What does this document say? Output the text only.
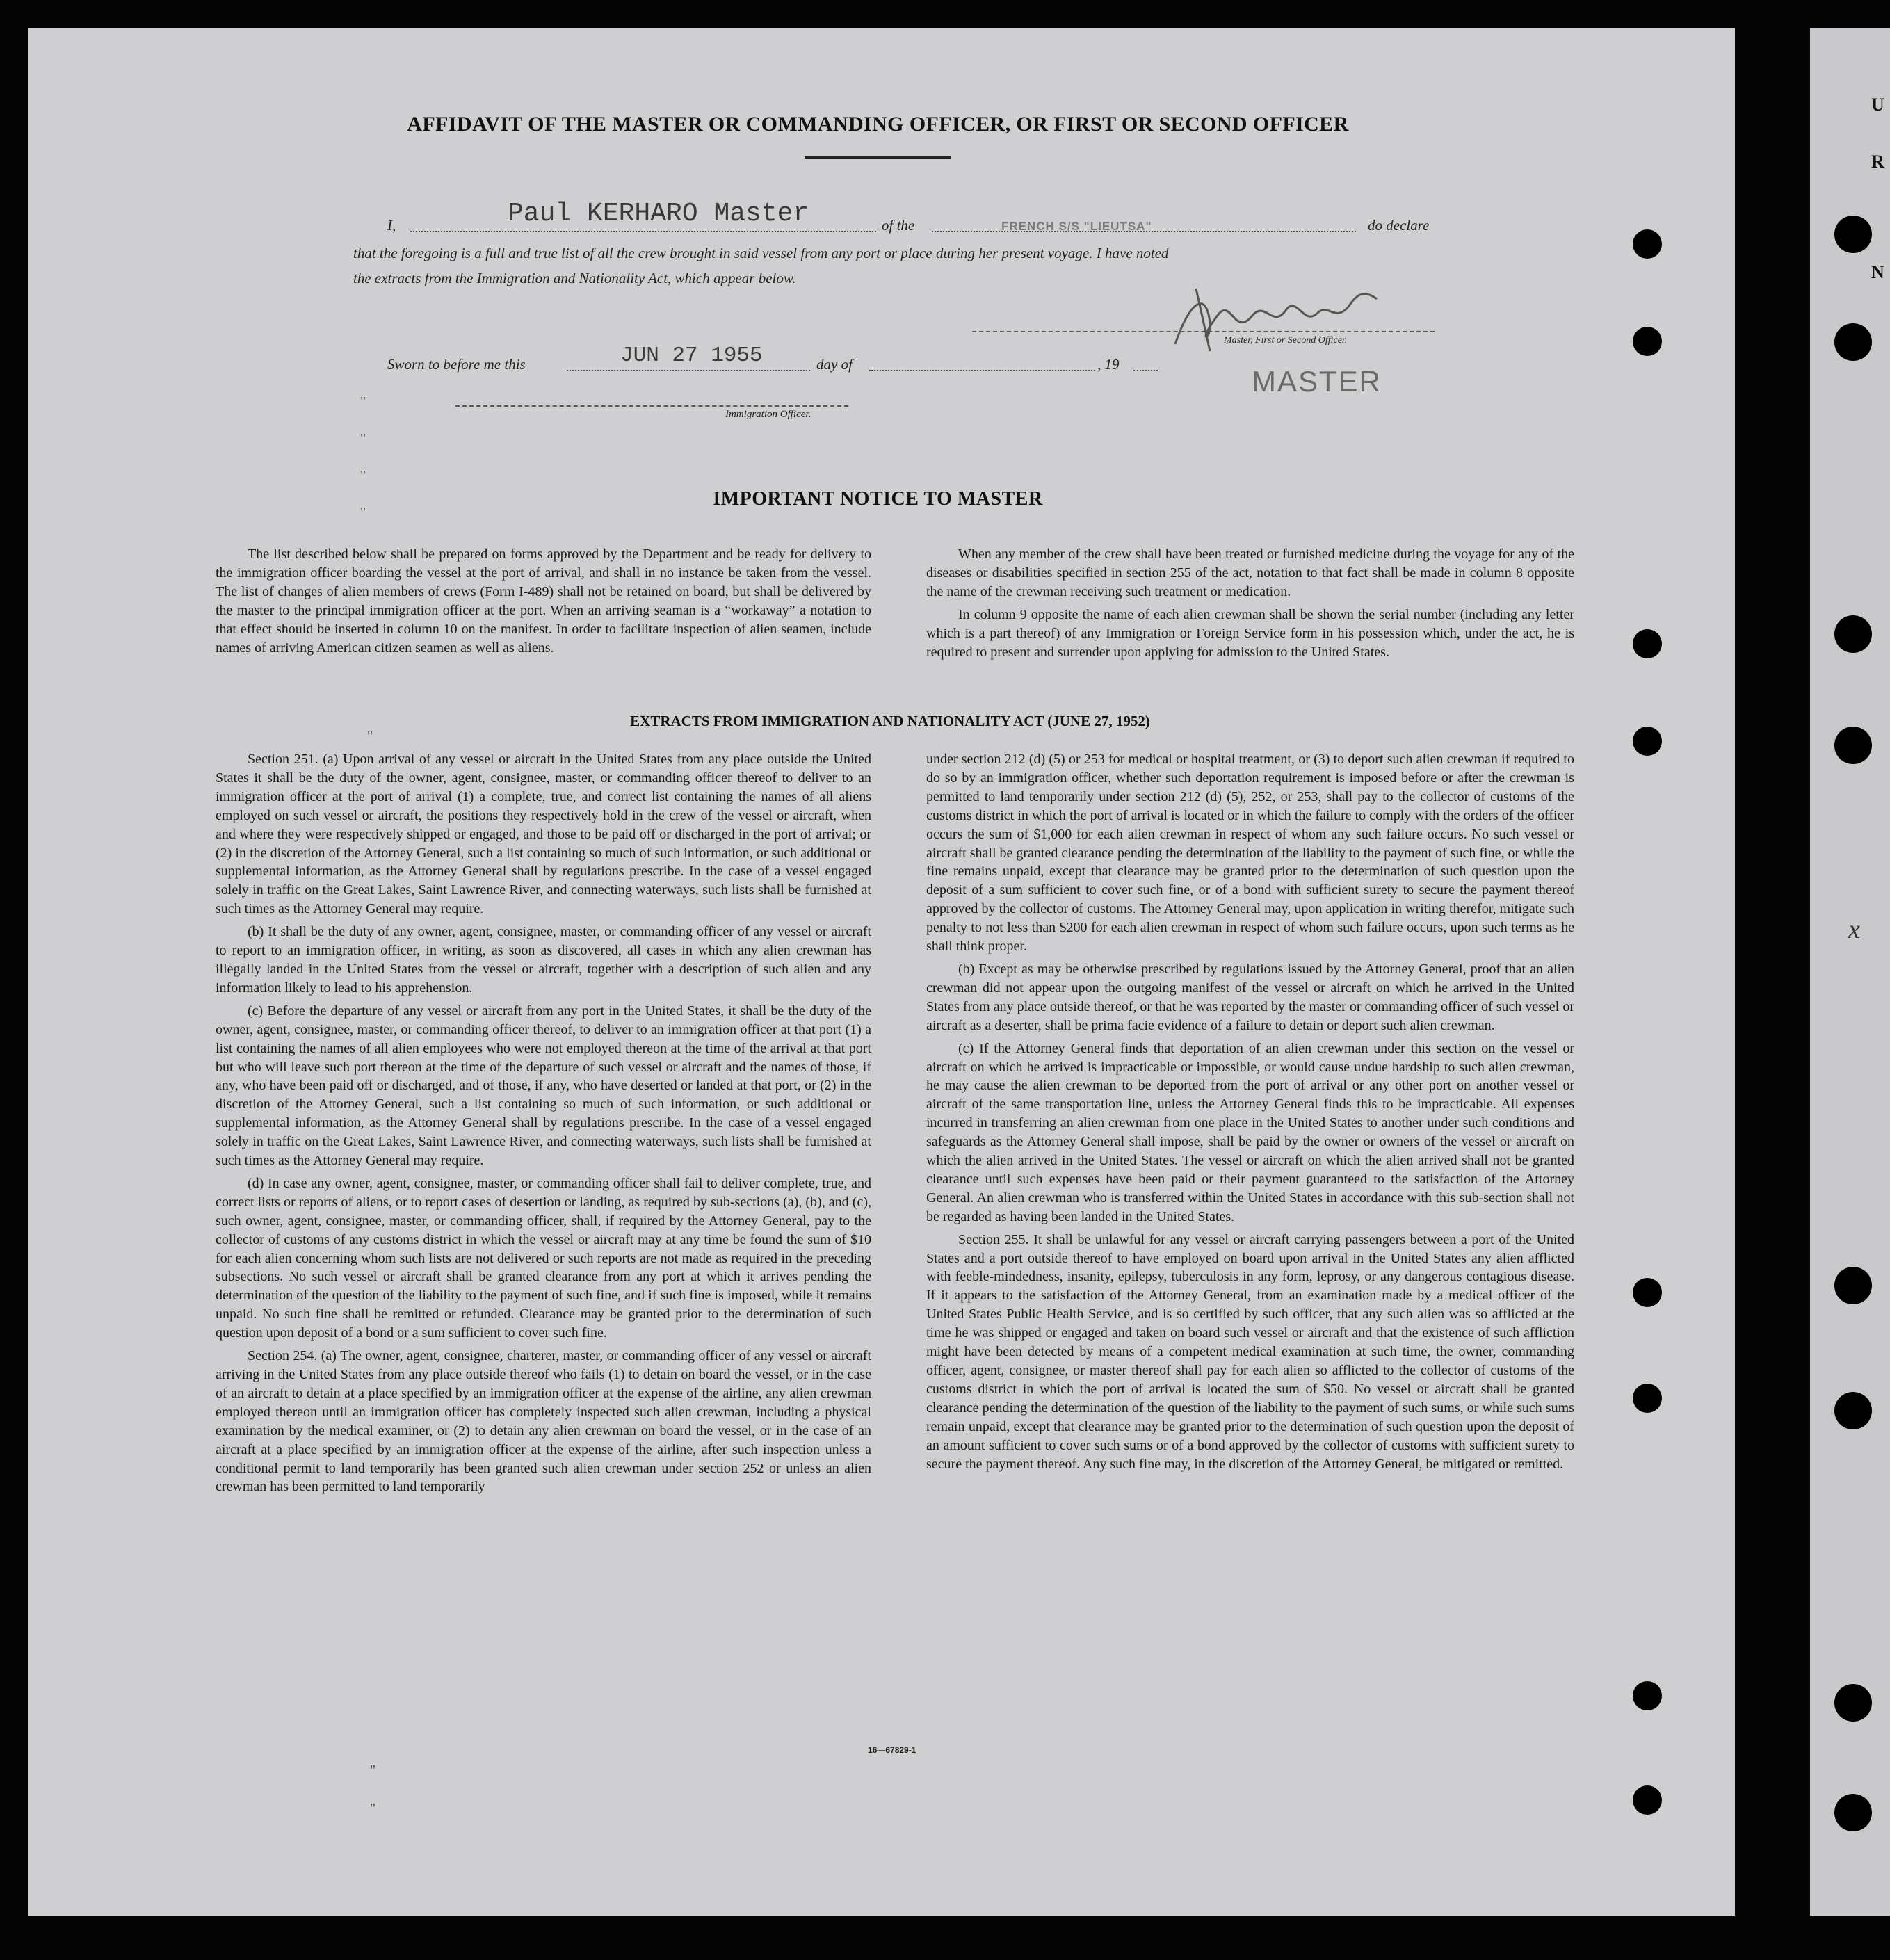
U
R
N
AFFIDAVIT OF THE MASTER OR COMMANDING OFFICER, OR FIRST OR SECOND OFFICER
I,	Paul KERHARO Master	of the	FRENCH S/S "LIEUTSA"	do declare
that the foregoing is a full and true list of all the crew brought in said vessel from any port or place during her present voyage. I have noted
the extracts from the Immigration and Nationality Act, which appear below.
Master, First or Second Officer.
MASTER
Sworn to before me this	JUN 27 1955	day of	, 19
Immigration Officer.
"
"
"
"
"
"
"
IMPORTANT NOTICE TO MASTER

The list described below shall be prepared on forms approved by the Department and be ready for delivery to the immigration officer boarding the vessel at the port of arrival, and shall in no instance be taken from the vessel. The list of changes of alien members of crews (Form I-489) shall not be retained on board, but shall be delivered by the master to the principal immigration officer at the port. When an arriving seaman is a “workaway” a notation to that effect should be inserted in column 10 on the manifest. In order to facilitate inspection of alien seamen, include names of arriving American citizen seamen as well as aliens.

When any member of the crew shall have been treated or furnished medicine during the voyage for any of the diseases or disabilities specified in section 255 of the act, notation to that fact shall be made in column 8 opposite the name of the crewman receiving such treatment or medication.

In column 9 opposite the name of each alien crewman shall be shown the serial number (including any letter which is a part thereof) of any Immigration or Foreign Service form in his possession which, under the act, he is required to present and surrender upon applying for admission to the United States.

EXTRACTS FROM IMMIGRATION AND NATIONALITY ACT (JUNE 27, 1952)

Section 251. (a) Upon arrival of any vessel or aircraft in the United States from any place outside the United States it shall be the duty of the owner, agent, consignee, master, or commanding officer thereof to deliver to an immigration officer at the port of arrival (1) a complete, true, and correct list containing the names of all aliens employed on such vessel or aircraft, the positions they respectively hold in the crew of the vessel or aircraft, when and where they were respectively shipped or engaged, and those to be paid off or discharged in the port of arrival; or (2) in the discretion of the Attorney General, such a list containing so much of such information, or such additional or supplemental information, as the Attorney General shall by regulations prescribe. In the case of a vessel engaged solely in traffic on the Great Lakes, Saint Lawrence River, and connecting waterways, such lists shall be furnished at such times as the Attorney General may require.

(b) It shall be the duty of any owner, agent, consignee, master, or commanding officer of any vessel or aircraft to report to an immigration officer, in writing, as soon as discovered, all cases in which any alien crewman has illegally landed in the United States from the vessel or aircraft, together with a description of such alien and any information likely to lead to his apprehension.

(c) Before the departure of any vessel or aircraft from any port in the United States, it shall be the duty of the owner, agent, consignee, master, or commanding officer thereof, to deliver to an immigration officer at that port (1) a list containing the names of all alien employees who were not employed thereon at the time of the arrival at that port but who will leave such port thereon at the time of the departure of such vessel or aircraft and the names of those, if any, who have been paid off or discharged, and of those, if any, who have deserted or landed at that port, or (2) in the discretion of the Attorney General, such a list containing so much of such information, or such additional or supplemental information, as the Attorney General shall by regulations prescribe. In the case of a vessel engaged solely in traffic on the Great Lakes, Saint Lawrence River, and connecting waterways, such lists shall be furnished at such times as the Attorney General may require.

(d) In case any owner, agent, consignee, master, or commanding officer shall fail to deliver complete, true, and correct lists or reports of aliens, or to report cases of desertion or landing, as required by sub-sections (a), (b), and (c), such owner, agent, consignee, master, or commanding officer, shall, if required by the Attorney General, pay to the collector of customs of any customs district in which the vessel or aircraft may at any time be found the sum of $10 for each alien concerning whom such lists are not delivered or such reports are not made as required in the preceding subsections. No such vessel or aircraft shall be granted clearance from any port at which it arrives pending the determination of the question of the liability to the payment of such fine, and if such fine is imposed, while it remains unpaid. No such fine shall be remitted or refunded. Clearance may be granted prior to the determination of such question upon deposit of a bond or a sum sufficient to cover such fine.

Section 254. (a) The owner, agent, consignee, charterer, master, or commanding officer of any vessel or aircraft arriving in the United States from any place outside thereof who fails (1) to detain on board the vessel, or in the case of an aircraft to detain at a place specified by an immigration officer at the expense of the airline, any alien crewman employed thereon until an immigration officer has completely inspected such alien crewman, including a physical examination by the medical examiner, or (2) to detain any alien crewman on board the vessel, or in the case of an aircraft at a place specified by an immigration officer at the expense of the airline, after such inspection unless a conditional permit to land temporarily has been granted such alien crewman under section 252 or unless an alien crewman has been permitted to land temporarily

under section 212 (d) (5) or 253 for medical or hospital treatment, or (3) to deport such alien crewman if required to do so by an immigration officer, whether such deportation requirement is imposed before or after the crewman is permitted to land temporarily under section 212 (d) (5), 252, or 253, shall pay to the collector of customs of the customs district in which the port of arrival is located or in which the failure to comply with the orders of the officer occurs the sum of $1,000 for each alien crewman in respect of whom any such failure occurs. No such vessel or aircraft shall be granted clearance pending the determination of the liability to the payment of such fine, or while the fine remains unpaid, except that clearance may be granted prior to the determination of such question upon the deposit of a sum sufficient to cover such fine, or of a bond with sufficient surety to secure the payment thereof approved by the collector of customs. The Attorney General may, upon application in writing therefor, mitigate such penalty to not less than $200 for each alien crewman in respect of whom such failure occurs, upon such terms as he shall think proper.

(b) Except as may be otherwise prescribed by regulations issued by the Attorney General, proof that an alien crewman did not appear upon the outgoing manifest of the vessel or aircraft on which he arrived in the United States from any place outside thereof, or that he was reported by the master or commanding officer of such vessel or aircraft as a deserter, shall be prima facie evidence of a failure to detain or deport such alien crewman.

(c) If the Attorney General finds that deportation of an alien crewman under this section on the vessel or aircraft on which he arrived is impracticable or impossible, or would cause undue hardship to such alien crewman, he may cause the alien crewman to be deported from the port of arrival or any other port on another vessel or aircraft of the same transportation line, unless the Attorney General finds this to be impracticable. All expenses incurred in transferring an alien crewman from one place in the United States to another under such conditions and safeguards as the Attorney General shall impose, shall be paid by the owner or owners of the vessel or aircraft on which the alien arrived in the United States. The vessel or aircraft on which the alien arrived shall not be granted clearance until such expenses have been paid or their payment guaranteed to the satisfaction of the Attorney General. An alien crewman who is transferred within the United States in accordance with this sub-section shall not be regarded as having been landed in the United States.

Section 255. It shall be unlawful for any vessel or aircraft carrying passengers between a port of the United States and a port outside thereof to have employed on board upon arrival in the United States any alien afflicted with feeble-mindedness, insanity, epilepsy, tuberculosis in any form, leprosy, or any dangerous contagious disease. If it appears to the satisfaction of the Attorney General, from an examination made by a medical officer of the United States Public Health Service, and is so certified by such officer, that any such alien was so afflicted at the time he was shipped or engaged and taken on board such vessel or aircraft and that the existence of such affliction might have been detected by means of a competent medical examination at such time, the owner, commanding officer, agent, consignee, or master thereof shall pay for each alien so afflicted to the collector of customs of the customs district in which the port of arrival is located the sum of $50. No vessel or aircraft shall be granted clearance pending the determination of the question of the liability to the payment of such sums, or while such sums remain unpaid, except that clearance may be granted prior to the determination of such question upon the deposit of an amount sufficient to cover such sums or of a bond approved by the collector of customs with sufficient surety to secure the payment thereof. Any such fine may, in the discretion of the Attorney General, be mitigated or remitted.

16—67829-1
x
